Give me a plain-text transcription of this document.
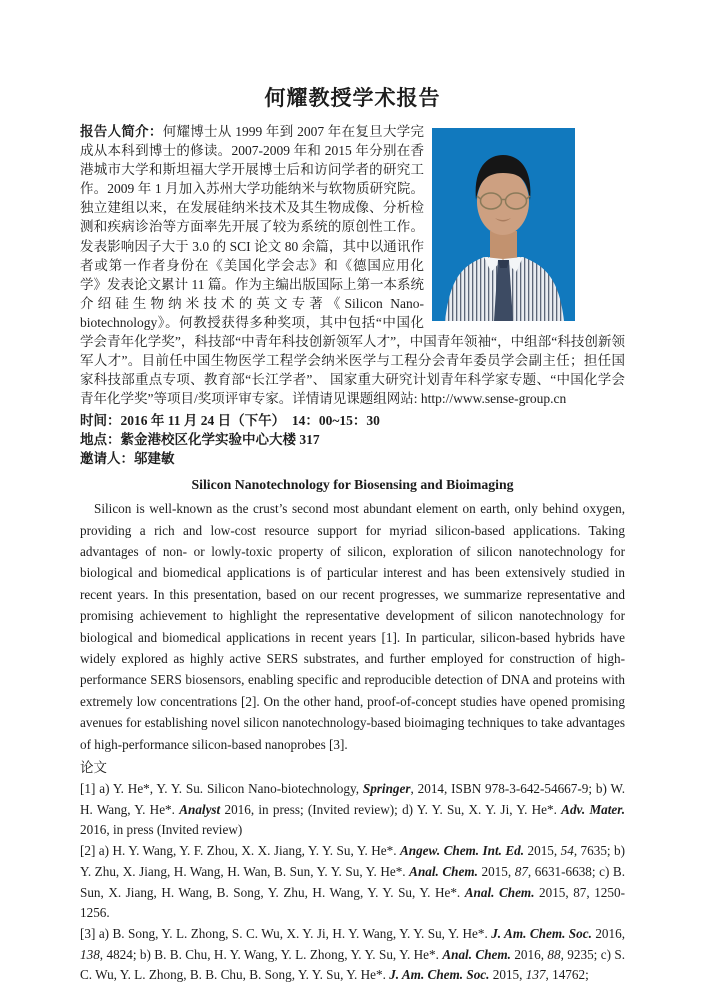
何耀教授学术报告

报告人简介：何耀博士从 1999 年到 2007 年在复旦大学完成从本科到博士的修读。2007-2009 年和 2015 年分别在香港城市大学和斯坦福大学开展博士后和访问学者的研究工作。2009 年 1 月加入苏州大学功能纳米与软物质研究院。独立建组以来，在发展硅纳米技术及其生物成像、分析检测和疾病诊治等方面率先开展了较为系统的原创性工作。发表影响因子大于 3.0 的 SCI 论文 80 余篇，其中以通讯作者或第一作者身份在《美国化学会志》和《德国应用化学》发表论文累计 11 篇。作为主编出版国际上第一本系统介绍硅生物纳米技术的英文专著《Silicon Nano-biotechnology》。何教授获得多种奖项，其中包括“中国化学会青年化学奖”，科技部“中青年科技创新领军人才”，中国青年领袖“，中组部“科技创新领军人才”。目前任中国生物医学工程学会纳米医学与工程分会青年委员学会副主任；担任国家科技部重点专项、教育部“长江学者”、 国家重大研究计划青年科学家专题、“中国化学会青年化学奖”等项目/奖项评审专家。详情请见课题组网站: http://www.sense-group.cn

时间：2016 年 11 月 24 日（下午）　14：00~15：30

地点：紫金港校区化学实验中心大楼 317

邀请人：邬建敏

Silicon Nanotechnology for Biosensing and Bioimaging

Silicon is well-known as the crust’s second most abundant element on earth, only behind oxygen, providing a rich and low-cost resource support for myriad silicon-based applications. Taking advantages of non- or lowly-toxic property of silicon, exploration of silicon nanotechnology for biological and biomedical applications is of particular interest and has been extensively studied in recent years. In this presentation, based on our recent progresses, we summarize representative and promising achievement to highlight the representative development of silicon nanotechnology for biological and biomedical applications in recent years [1]. In particular, silicon-based hybrids have widely explored as highly active SERS substrates, and further employed for construction of high-performance SERS biosensors, enabling specific and reproducible detection of DNA and proteins with extremely low concentrations [2]. On the other hand, proof-of-concept studies have opened promising avenues for establishing novel silicon nanotechnology-based bioimaging techniques to take advantages of high-performance silicon-based nanoprobes [3].

论文

[1] a) Y. He*, Y. Y. Su. Silicon Nano-biotechnology, Springer, 2014, ISBN 978-3-642-54667-9; b) W. H. Wang, Y. He*. Analyst 2016, in press; (Invited review); d) Y. Y. Su, X. Y. Ji, Y. He*. Adv. Mater. 2016, in press (Invited review)

[2] a) H. Y. Wang, Y. F. Zhou, X. X. Jiang, Y. Y. Su, Y. He*. Angew. Chem. Int. Ed. 2015, 54, 7635; b) Y. Zhu, X. Jiang, H. Wang, H. Wan, B. Sun, Y. Y. Su, Y. He*. Anal. Chem. 2015, 87, 6631-6638; c) B. Sun, X. Jiang, H. Wang, B. Song, Y. Zhu, H. Wang, Y. Y. Su, Y. He*. Anal. Chem. 2015, 87, 1250-1256.

[3] a) B. Song, Y. L. Zhong, S. C. Wu, X. Y. Ji, H. Y. Wang, Y. Y. Su, Y. He*. J. Am. Chem. Soc. 2016, 138, 4824; b) B. B. Chu, H. Y. Wang, Y. L. Zhong, Y. Y. Su, Y. He*. Anal. Chem. 2016, 88, 9235; c) S. C. Wu, Y. L. Zhong, B. B. Chu, B. Song, Y. Y. Su, Y. He*. J. Am. Chem. Soc. 2015, 137, 14762;
